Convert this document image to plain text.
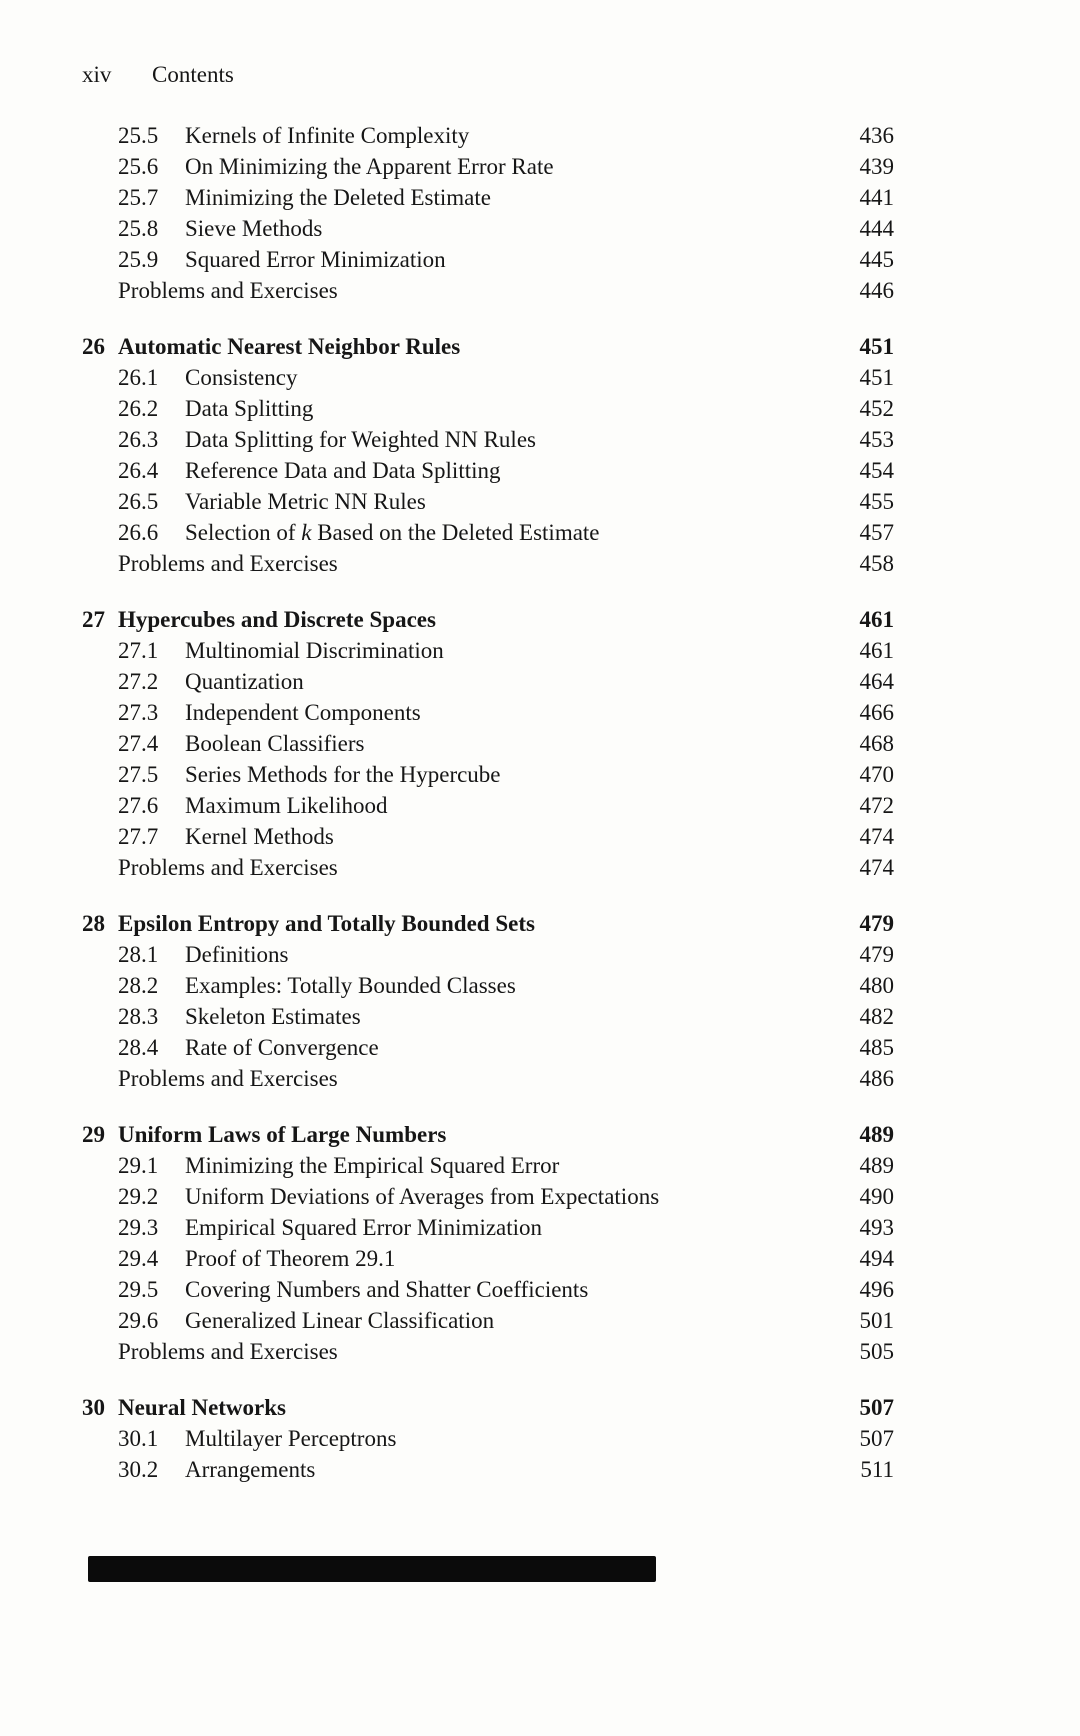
xiv	Contents
25.5	Kernels of Infinite Complexity	436
25.6	On Minimizing the Apparent Error Rate	439
25.7	Minimizing the Deleted Estimate	441
25.8	Sieve Methods	444
25.9	Squared Error Minimization	445
Problems and Exercises	446
26 Automatic Nearest Neighbor Rules	451
26.1	Consistency	451
26.2	Data Splitting	452
26.3	Data Splitting for Weighted NN Rules	453
26.4	Reference Data and Data Splitting	454
26.5	Variable Metric NN Rules	455
26.6	Selection of k Based on the Deleted Estimate	457
Problems and Exercises	458
27 Hypercubes and Discrete Spaces	461
27.1	Multinomial Discrimination	461
27.2	Quantization	464
27.3	Independent Components	466
27.4	Boolean Classifiers	468
27.5	Series Methods for the Hypercube	470
27.6	Maximum Likelihood	472
27.7	Kernel Methods	474
Problems and Exercises	474
28 Epsilon Entropy and Totally Bounded Sets	479
28.1	Definitions	479
28.2	Examples: Totally Bounded Classes	480
28.3	Skeleton Estimates	482
28.4	Rate of Convergence	485
Problems and Exercises	486
29 Uniform Laws of Large Numbers	489
29.1	Minimizing the Empirical Squared Error	489
29.2	Uniform Deviations of Averages from Expectations	490
29.3	Empirical Squared Error Minimization	493
29.4	Proof of Theorem 29.1	494
29.5	Covering Numbers and Shatter Coefficients	496
29.6	Generalized Linear Classification	501
Problems and Exercises	505
30 Neural Networks	507
30.1	Multilayer Perceptrons	507
30.2	Arrangements	511
